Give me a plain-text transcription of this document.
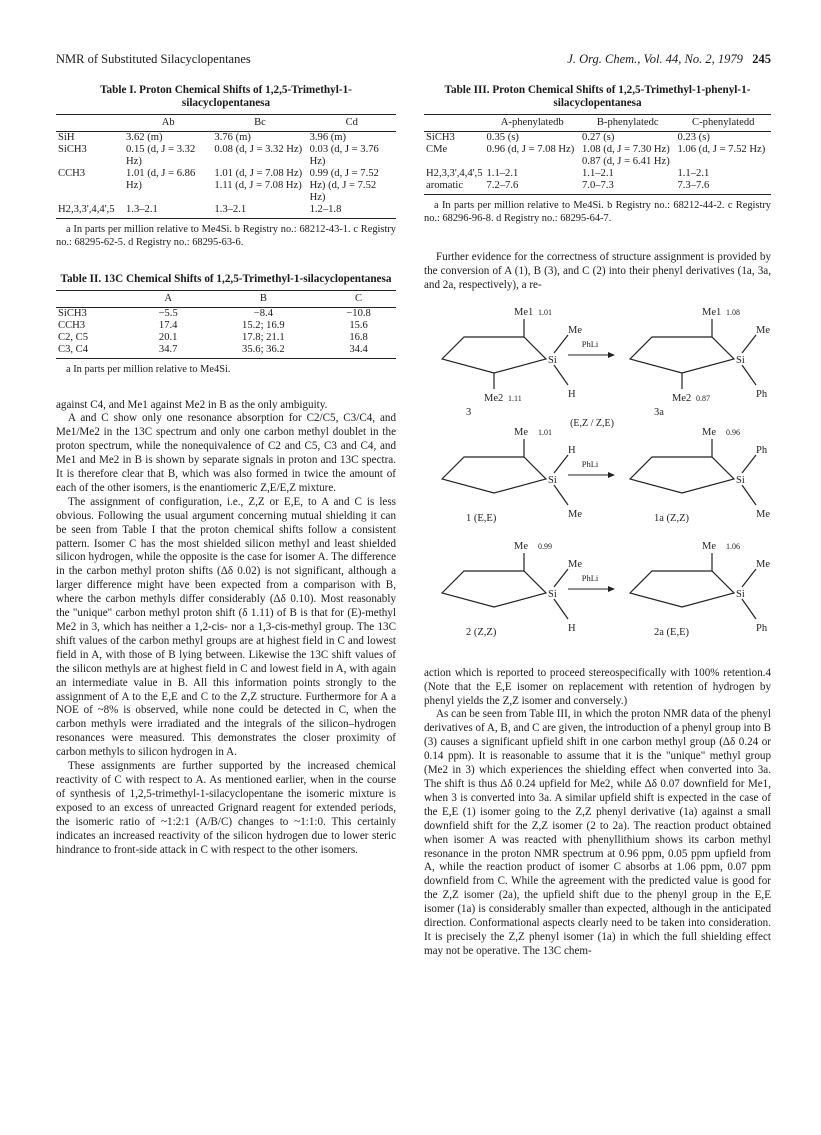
NMR of Substituted Silacyclopentanes	J. Org. Chem., Vol. 44, No. 2, 1979 245
Table I. Proton Chemical Shifts of 1,2,5-Trimethyl-1-silacyclopentanesa
	Ab	Bc	Cd
SiH	3.62 (m)	3.76 (m)	3.96 (m)
SiCH3	0.15 (d, J = 3.32 Hz)	0.08 (d, J = 3.32 Hz)	0.03 (d, J = 3.76 Hz)
CCH3	1.01 (d, J = 6.86 Hz)	1.01 (d, J = 7.08 Hz) 1.11 (d, J = 7.08 Hz)	0.99 (d, J = 7.52 Hz) (d, J = 7.52 Hz)
H2,3,3',4,4',5	1.3–2.1	1.3–2.1	1.2–1.8

a In parts per million relative to Me4Si. b Registry no.: 68212-43-1. c Registry no.: 68295-62-5. d Registry no.: 68295-63-6.

Table II. 13C Chemical Shifts of 1,2,5-Trimethyl-1-silacyclopentanesa
	A	B	C
SiCH3	−5.5	−8.4	−10.8
CCH3	17.4	15.2; 16.9	15.6
C2, C5	20.1	17.8; 21.1	16.8
C3, C4	34.7	35.6; 36.2	34.4

a In parts per million relative to Me4Si.

against C4, and Me1 against Me2 in B as the only ambiguity.

A and C show only one resonance absorption for C2/C5, C3/C4, and Me1/Me2 in the 13C spectrum and only one carbon methyl doublet in the proton spectrum, while the nonequivalence of C2 and C5, C3 and C4, and Me1 and Me2 in B is shown by separate signals in proton and 13C spectra. It is therefore clear that B, which was also formed in twice the amount of each of the other isomers, is the enantiomeric Z,E/E,Z mixture.

The assignment of configuration, i.e., Z,Z or E,E, to A and C is less obvious. Following the usual argument concerning mutual shielding it can be seen from Table I that the proton chemical shifts follow a consistent pattern. Isomer C has the most shielded silicon methyl and least shielded silicon hydrogen, while the opposite is the case for isomer A. The difference in the carbon methyl proton shifts (Δδ 0.02) is not significant, although a larger difference might have been expected from a comparison with B, where the carbon methyls differ considerably (Δδ 0.10). Most reasonably the "unique" carbon methyl proton shift (δ 1.11) of B is that for (E)-methyl Me2 in 3, which has neither a 1,2-cis- nor a 1,3-cis-methyl group. The 13C shift values of the carbon methyl groups are at highest field in C and lowest field in A, with those of B lying between. Likewise the 13C shift values of the silicon methyls are at highest field in C and lowest field in A, with again an intermediate value in B. All this information points strongly to the assignment of A to the E,E and C to the Z,Z structure. Furthermore for A a NOE of ~8% is observed, while none could be detected in C, when the carbon methyls were irradiated and the integrals of the silicon–hydrogen resonances were measured. This demonstrates the closer proximity of carbon methyls to silicon hydrogen in A.

These assignments are further supported by the increased chemical reactivity of C with respect to A. As mentioned earlier, when in the course of synthesis of 1,2,5-trimethyl-1-silacyclopentane the isomeric mixture is exposed to an excess of unreacted Grignard reagent for extended periods, the isomeric ratio of ~1:2:1 (A/B/C) changes to ~1:1:0. This certainly indicates an increased reactivity of the silicon hydrogen due to lower steric hindrance to front-side attack in C with respect to the other isomers.

Table III. Proton Chemical Shifts of 1,2,5-Trimethyl-1-phenyl-1-silacyclopentanesa
	A-phenylatedb	B-phenylatedc	C-phenylatedd
SiCH3	0.35 (s)	0.27 (s)	0.23 (s)
CMe	0.96 (d, J = 7.08 Hz)	1.08 (d, J = 7.30 Hz) 0.87 (d, J = 6.41 Hz)	1.06 (d, J = 7.52 Hz)
H2,3,3',4,4',5	1.1–2.1	1.1–2.1	1.1–2.1
aromatic	7.2–7.6	7.0–7.3	7.3–7.6

a In parts per million relative to Me4Si. b Registry no.: 68212-44-2. c Registry no.: 68296-96-8. d Registry no.: 68295-64-7.

Further evidence for the correctness of structure assignment is provided by the conversion of A (1), B (3), and C (2) into their phenyl derivatives (1a, 3a, and 2a, respectively), a re-

Si
Me1 1.01
Me
H
Me2 1.11
3
Si
Me1 1.08
Me
Ph
Me2 0.87
3a
PhLi
Si
Me 1.01
H
Me
1 (E,E)
Si
Me 0.96
Ph
Me
1a (Z,Z)
PhLi
Si
Me 0.99
Me
H
2 (Z,Z)
Si
Me 1.06
Me
Ph
2a (E,E)
PhLi
(E,Z / Z,E)

action which is reported to proceed stereospecifically with 100% retention.4 (Note that the E,E isomer on replacement with retention of hydrogen by phenyl yields the Z,Z isomer and conversely.)

As can be seen from Table III, in which the proton NMR data of the phenyl derivatives of A, B, and C are given, the introduction of a phenyl group into B (3) causes a significant upfield shift in one carbon methyl group (Δδ 0.24 or 0.14 ppm). It is reasonable to assume that it is the "unique" methyl group (Me2 in 3) which experiences the shielding effect when converted into 3a. The shift is thus Δδ 0.24 upfield for Me2, while Δδ 0.07 downfield for Me1, when 3 is converted into 3a. A similar upfield shift is expected in the case of the E,E (1) isomer going to the Z,Z phenyl derivative (1a) against a small downfield shift for the Z,Z isomer (2 to 2a). The reaction product obtained when isomer A was reacted with phenyllithium shows its carbon methyl resonance in the proton NMR spectrum at 0.96 ppm, 0.05 ppm upfield from A, while the reaction product of isomer C absorbs at 1.06 ppm, 0.07 ppm downfield from C. While the agreement with the predicted value is good for the Z,Z isomer (2a), the upfield shift due to the phenyl group in the E,E isomer (1a) is considerably smaller than expected, although in the anticipated direction. Conformational aspects clearly need to be taken into consideration. It is precisely the Z,Z phenyl isomer (1a) in which the full shielding effect may not be operative. The 13C chem-
